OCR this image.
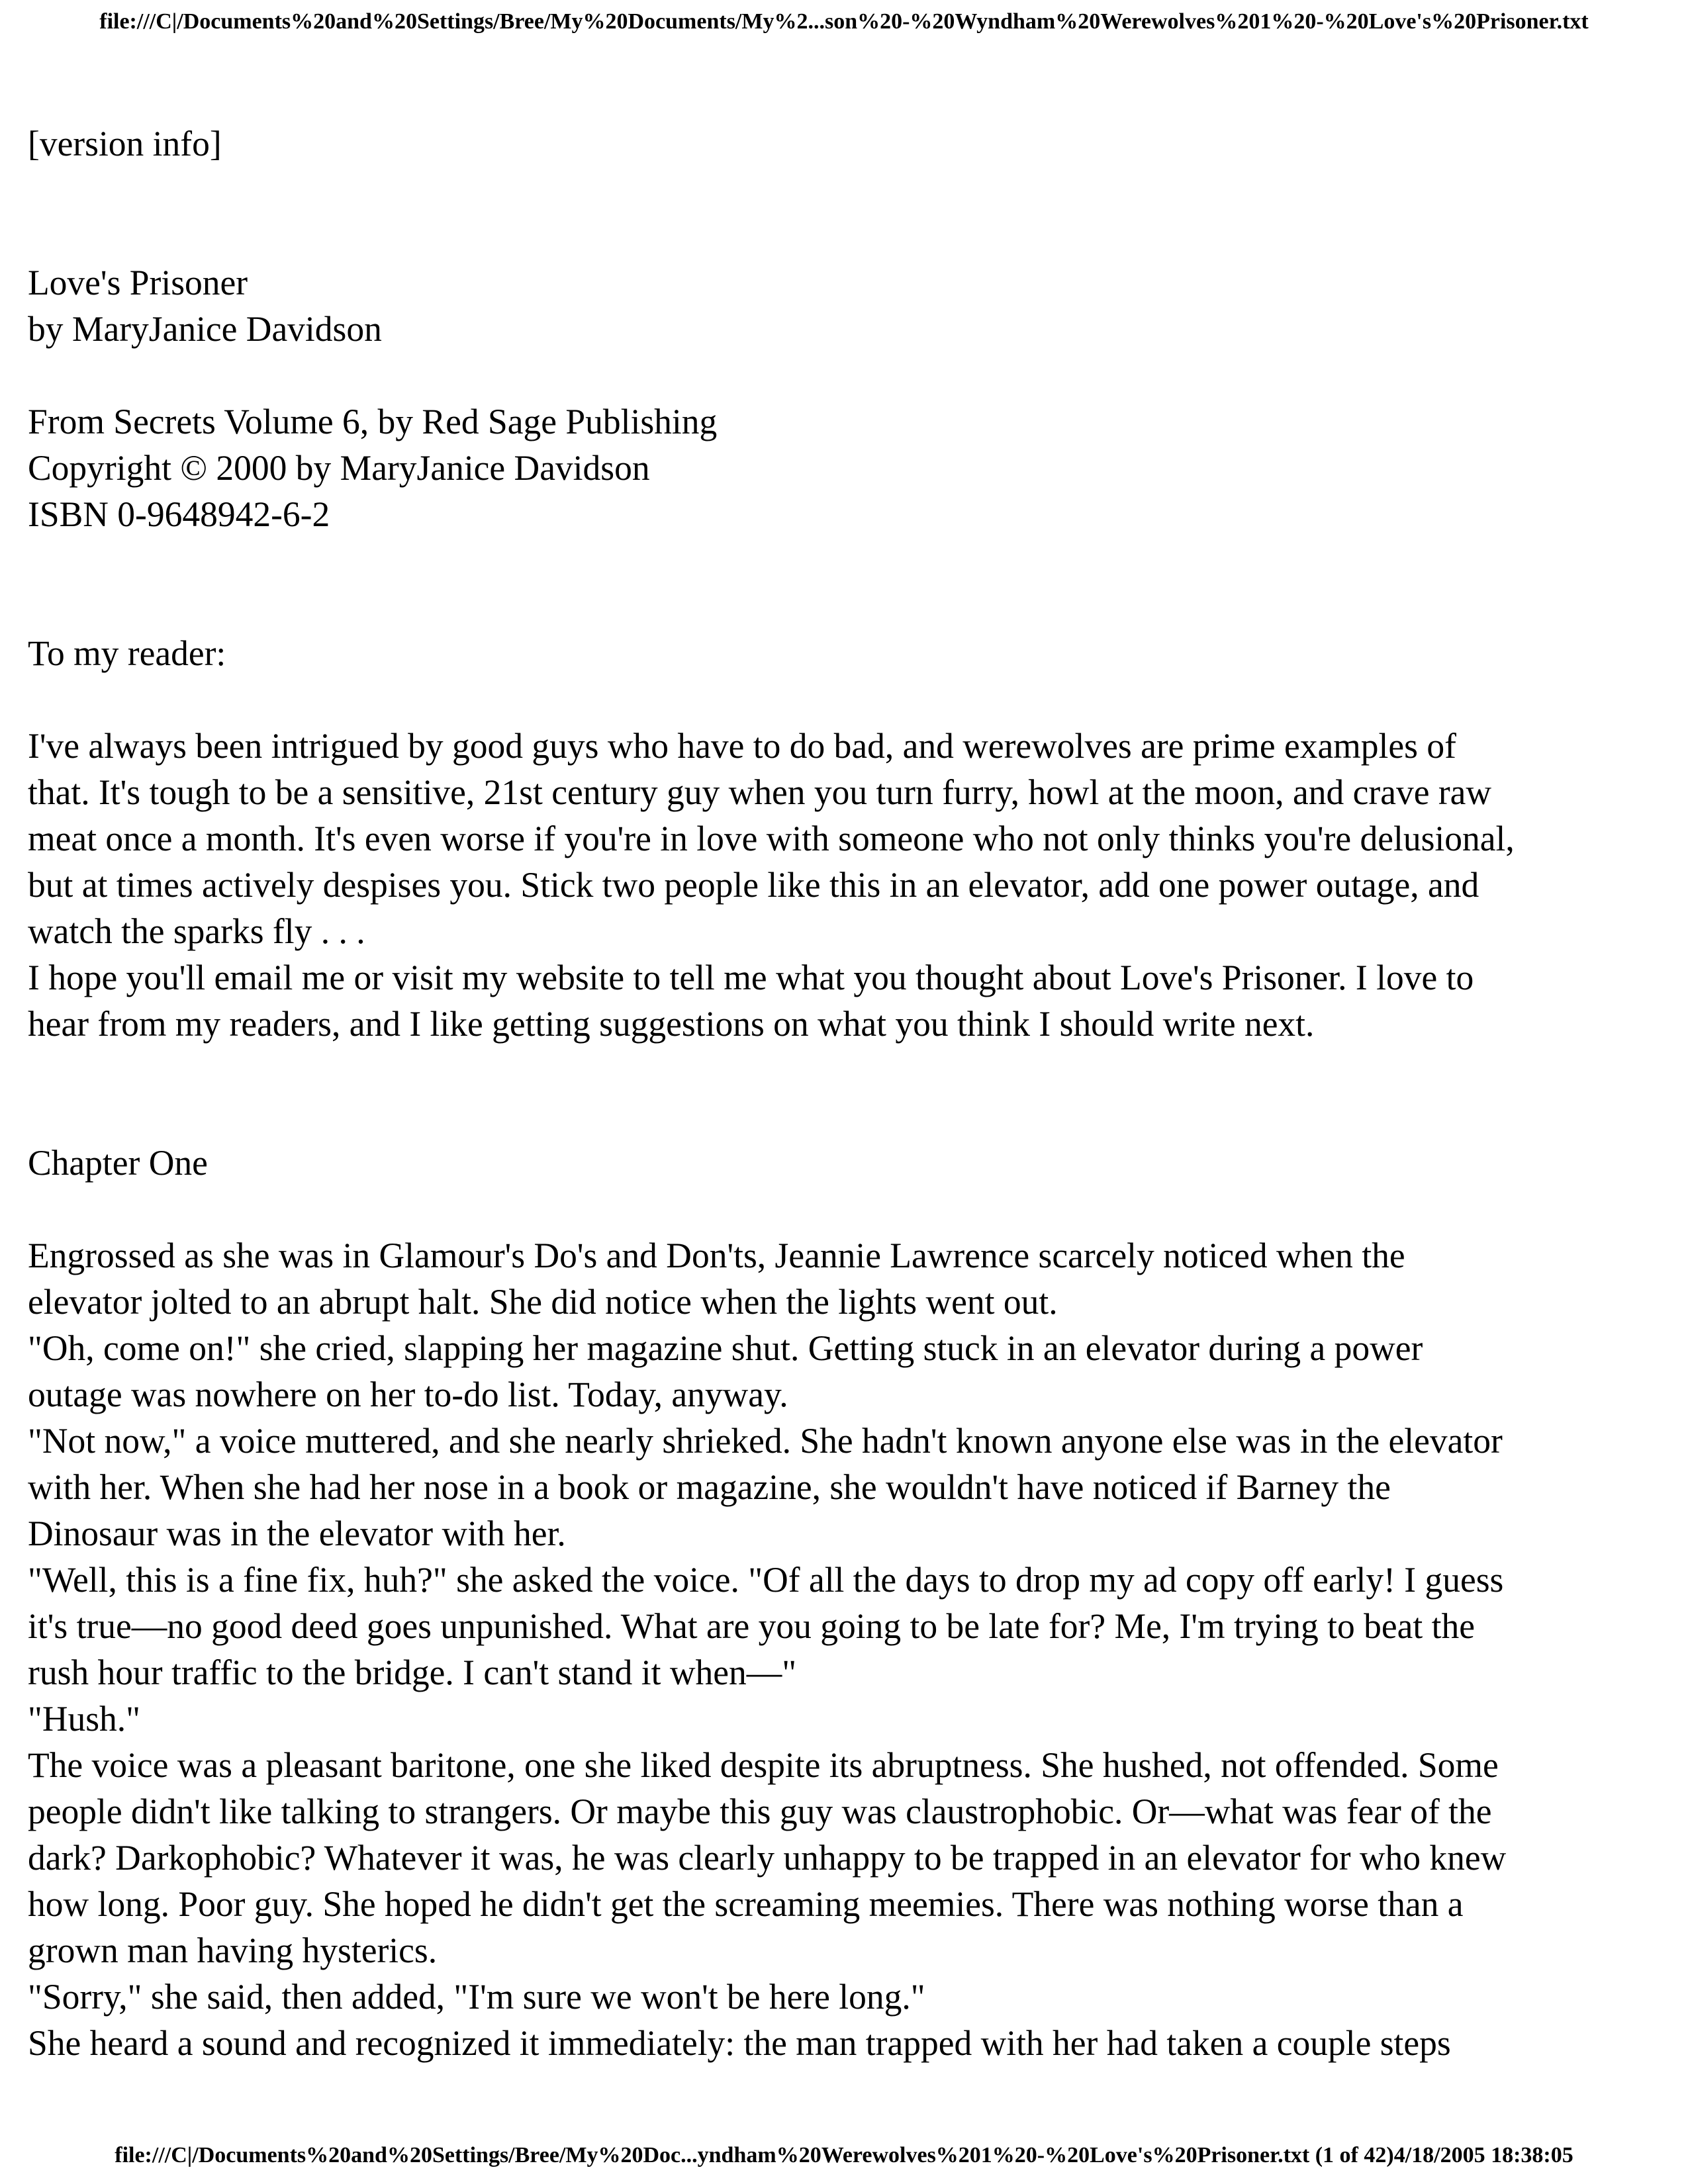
file:///C|/Documents%20and%20Settings/Bree/My%20Documents/My%2...son%20-%20Wyndham%20Werewolves%201%20-%20Love's%20Prisoner.txt

[version info]

Love's Prisoner

by MaryJanice Davidson

From Secrets Volume 6, by Red Sage Publishing

Copyright © 2000 by MaryJanice Davidson

ISBN 0-9648942-6-2

To my reader:

I've always been intrigued by good guys who have to do bad, and werewolves are prime examples of

that. It's tough to be a sensitive, 21st century guy when you turn furry, howl at the moon, and crave raw

meat once a month. It's even worse if you're in love with someone who not only thinks you're delusional,

but at times actively despises you. Stick two people like this in an elevator, add one power outage, and

watch the sparks fly . . .

I hope you'll email me or visit my website to tell me what you thought about Love's Prisoner. I love to

hear from my readers, and I like getting suggestions on what you think I should write next.

Chapter One

Engrossed as she was in Glamour's Do's and Don'ts, Jeannie Lawrence scarcely noticed when the

elevator jolted to an abrupt halt. She did notice when the lights went out.

"Oh, come on!" she cried, slapping her magazine shut. Getting stuck in an elevator during a power

outage was nowhere on her to-do list. Today, anyway.

"Not now," a voice muttered, and she nearly shrieked. She hadn't known anyone else was in the elevator

with her. When she had her nose in a book or magazine, she wouldn't have noticed if Barney the

Dinosaur was in the elevator with her.

"Well, this is a fine fix, huh?" she asked the voice. "Of all the days to drop my ad copy off early! I guess

it's true—no good deed goes unpunished. What are you going to be late for? Me, I'm trying to beat the

rush hour traffic to the bridge. I can't stand it when—"

"Hush."

The voice was a pleasant baritone, one she liked despite its abruptness. She hushed, not offended. Some

people didn't like talking to strangers. Or maybe this guy was claustrophobic. Or—what was fear of the

dark? Darkophobic? Whatever it was, he was clearly unhappy to be trapped in an elevator for who knew

how long. Poor guy. She hoped he didn't get the screaming meemies. There was nothing worse than a

grown man having hysterics.

"Sorry," she said, then added, "I'm sure we won't be here long."

She heard a sound and recognized it immediately: the man trapped with her had taken a couple steps

file:///C|/Documents%20and%20Settings/Bree/My%20Doc...yndham%20Werewolves%201%20-%20Love's%20Prisoner.txt (1 of 42)4/18/2005 18:38:05
